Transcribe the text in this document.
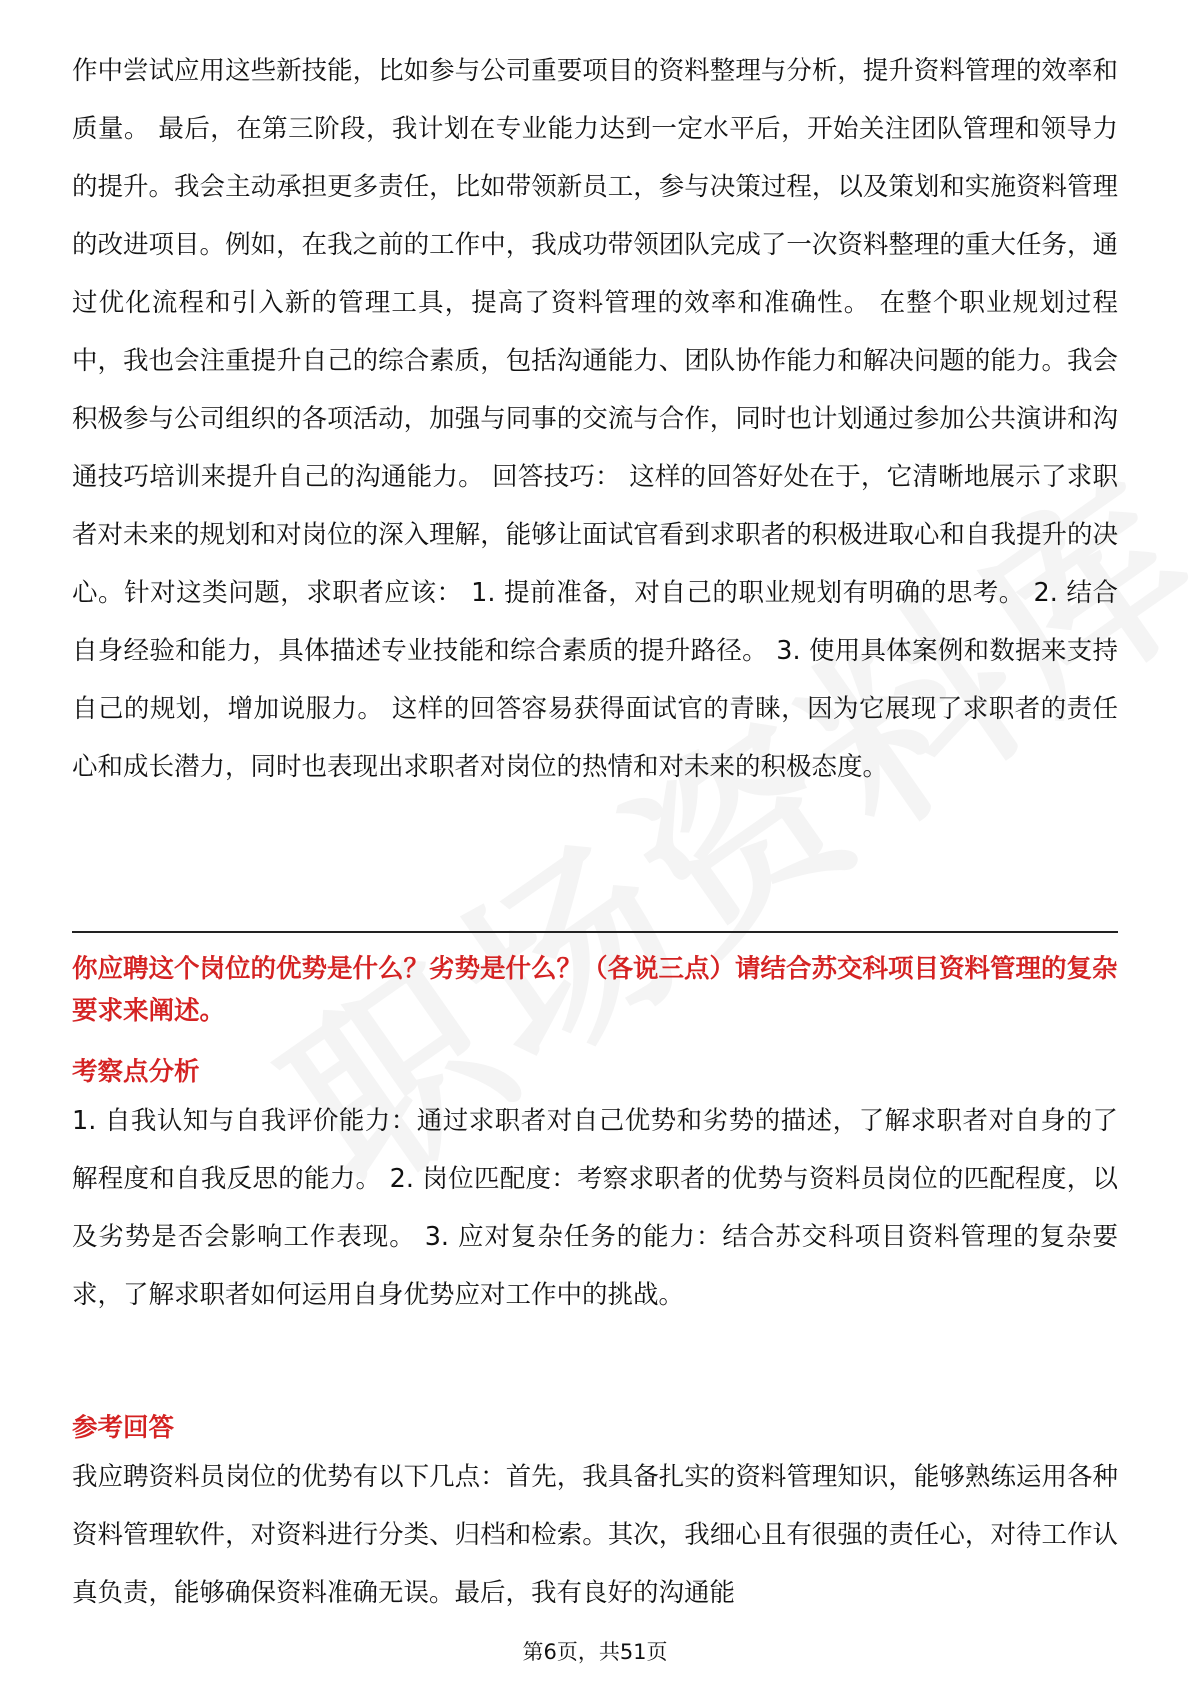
作中尝试应用这些新技能，比如参与公司重要项目的资料整理与分析，提升资料管理的效率和质量。 最后，在第三阶段，我计划在专业能力达到一定水平后，开始关注团队管理和领导力的提升。我会主动承担更多责任，比如带领新员工，参与决策过程，以及策划和实施资料管理的改进项目。例如，在我之前的工作中，我成功带领团队完成了一次资料整理的重大任务，通过优化流程和引入新的管理工具，提高了资料管理的效率和准确性。 在整个职业规划过程中，我也会注重提升自己的综合素质，包括沟通能力、团队协作能力和解决问题的能力。我会积极参与公司组织的各项活动，加强与同事的交流与合作，同时也计划通过参加公共演讲和沟通技巧培训来提升自己的沟通能力。 回答技巧： 这样的回答好处在于，它清晰地展示了求职者对未来的规划和对岗位的深入理解，能够让面试官看到求职者的积极进取心和自我提升的决心。针对这类问题，求职者应该： 1. 提前准备，对自己的职业规划有明确的思考。 2. 结合自身经验和能力，具体描述专业技能和综合素质的提升路径。 3. 使用具体案例和数据来支持自己的规划，增加说服力。 这样的回答容易获得面试官的青睐，因为它展现了求职者的责任心和成长潜力，同时也表现出求职者对岗位的热情和对未来的积极态度。

你应聘这个岗位的优势是什么？劣势是什么？（各说三点）请结合苏交科项目资料管理的复杂要求来阐述。

考察点分析

1. 自我认知与自我评价能力：通过求职者对自己优势和劣势的描述，了解求职者对自身的了解程度和自我反思的能力。 2. 岗位匹配度：考察求职者的优势与资料员岗位的匹配程度，以及劣势是否会影响工作表现。 3. 应对复杂任务的能力：结合苏交科项目资料管理的复杂要求，了解求职者如何运用自身优势应对工作中的挑战。

参考回答

我应聘资料员岗位的优势有以下几点：首先，我具备扎实的资料管理知识，能够熟练运用各种资料管理软件，对资料进行分类、归档和检索。其次，我细心且有很强的责任心，对待工作认真负责，能够确保资料准确无误。最后，我有良好的沟通能

第6页，共51页
